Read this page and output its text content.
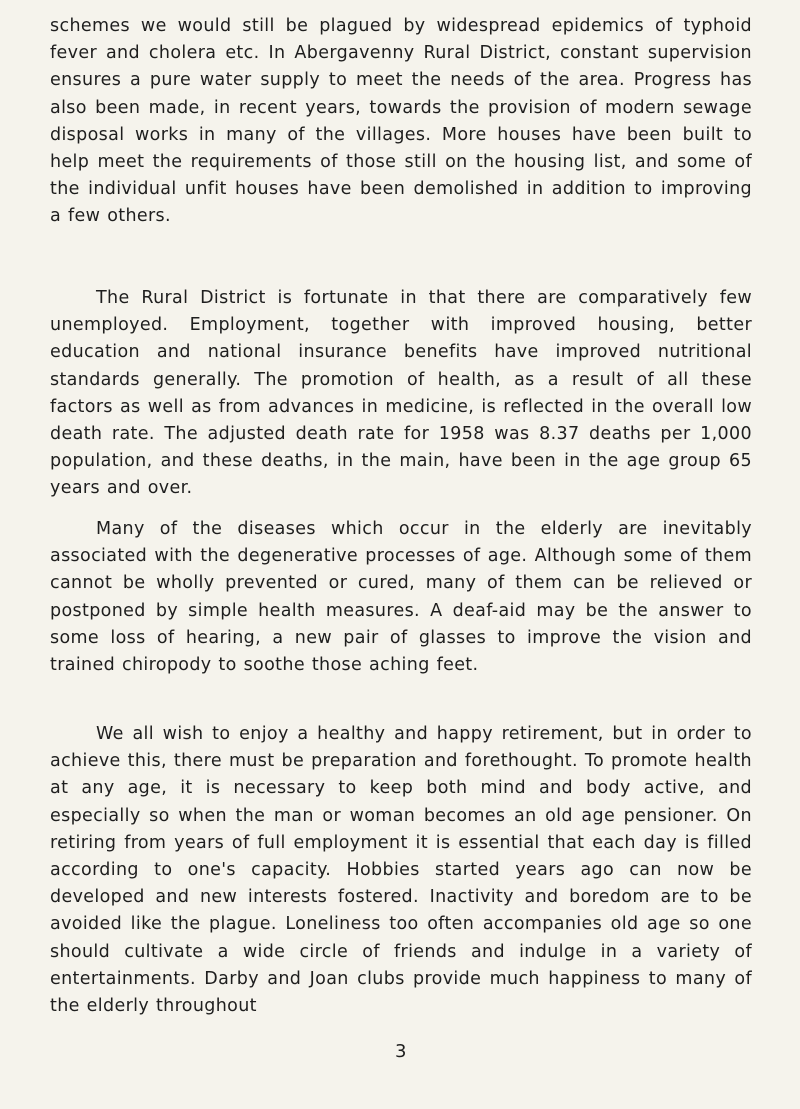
schemes we would still be plagued by widespread epidemics of typhoid fever and cholera etc. In Abergavenny Rural District, constant supervision ensures a pure water supply to meet the needs of the area. Progress has also been made, in recent years, towards the provision of modern sewage disposal works in many of the villages. More houses have been built to help meet the requirements of those still on the housing list, and some of the individual unfit houses have been demolished in addition to improving a few others.

The Rural District is fortunate in that there are comparatively few unemployed. Employment, together with improved housing, better education and national insurance benefits have improved nutritional standards generally. The promotion of health, as a result of all these factors as well as from advances in medicine, is reflected in the overall low death rate. The adjusted death rate for 1958 was 8.37 deaths per 1,000 population, and these deaths, in the main, have been in the age group 65 years and over.

Many of the diseases which occur in the elderly are inevitably associated with the degenerative processes of age. Although some of them cannot be wholly prevented or cured, many of them can be relieved or postponed by simple health measures. A deaf-aid may be the answer to some loss of hearing, a new pair of glasses to improve the vision and trained chiropody to soothe those aching feet.

We all wish to enjoy a healthy and happy retirement, but in order to achieve this, there must be preparation and forethought. To promote health at any age, it is necessary to keep both mind and body active, and especially so when the man or woman becomes an old age pensioner. On retiring from years of full employment it is essential that each day is filled according to one's capacity. Hobbies started years ago can now be developed and new interests fostered. Inactivity and boredom are to be avoided like the plague. Loneliness too often accompanies old age so one should cultivate a wide circle of friends and indulge in a variety of entertainments. Darby and Joan clubs provide much happiness to many of the elderly throughout

3
